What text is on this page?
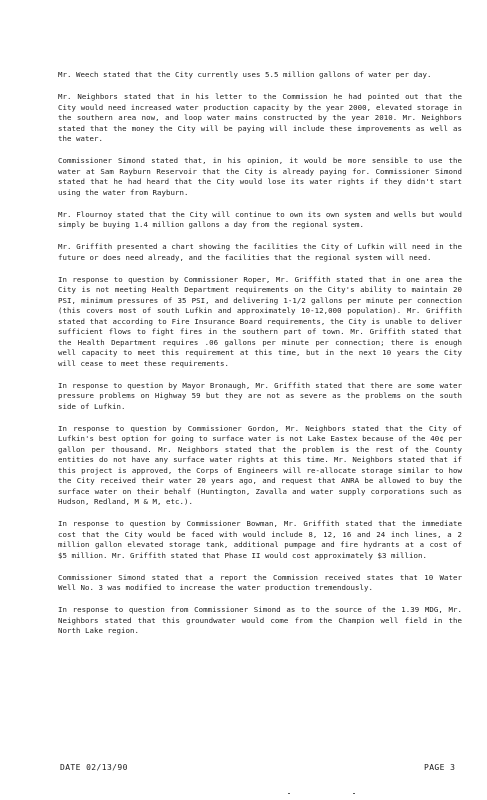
Mr. Weech stated that the City currently uses 5.5 million gallons of water per day.

Mr. Neighbors stated that in his letter to the Commission he had pointed out that the City would need increased water production capacity by the year 2000, elevated storage in the southern area now, and loop water mains constructed by the year 2010. Mr. Neighbors stated that the money the City will be paying will include these improvements as well as the water.

Commissioner Simond stated that, in his opinion, it would be more sensible to use the water at Sam Rayburn Reservoir that the City is already paying for. Commissioner Simond stated that he had heard that the City would lose its water rights if they didn't start using the water from Rayburn.

Mr. Flournoy stated that the City will continue to own its own system and wells but would simply be buying 1.4 million gallons a day from the regional system.

Mr. Griffith presented a chart showing the facilities the City of Lufkin will need in the future or does need already, and the facilities that the regional system will need.

In response to question by Commissioner Roper, Mr. Griffith stated that in one area the City is not meeting Health Department requirements on the City's ability to maintain 20 PSI, minimum pressures of 35 PSI, and delivering 1-1/2 gallons per minute per connection (this covers most of south Lufkin and approximately 10-12,000 population). Mr. Griffith stated that according to Fire Insurance Board requirements, the City is unable to deliver sufficient flows to fight fires in the southern part of town. Mr. Griffith stated that the Health Department requires .06 gallons per minute per connection; there is enough well capacity to meet this requirement at this time, but in the next 10 years the City will cease to meet these requirements.

In response to question by Mayor Bronaugh, Mr. Griffith stated that there are some water pressure problems on Highway 59 but they are not as severe as the problems on the south side of Lufkin.

In response to question by Commissioner Gordon, Mr. Neighbors stated that the City of Lufkin's best option for going to surface water is not Lake Eastex because of the 40¢ per gallon per thousand. Mr. Neighbors stated that the problem is the rest of the County entities do not have any surface water rights at this time. Mr. Neighbors stated that if this project is approved, the Corps of Engineers will re-allocate storage similar to how the City received their water 20 years ago, and request that ANRA be allowed to buy the surface water on their behalf (Huntington, Zavalla and water supply corporations such as Hudson, Redland, M & M, etc.).

In response to question by Commissioner Bowman, Mr. Griffith stated that the immediate cost that the City would be faced with would include 8, 12, 16 and 24 inch lines, a 2 million gallon elevated storage tank, additional pumpage and fire hydrants at a cost of $5 million. Mr. Griffith stated that Phase II would cost approximately $3 million.

Commissioner Simond stated that a report the Commission received states that 10 Water Well No. 3 was modified to increase the water production tremendously.

In response to question from Commissioner Simond as to the source of the 1.39 MDG, Mr. Neighbors stated that this groundwater would come from the Champion well field in the North Lake region.

DATE 02/13/90	PAGE 3
